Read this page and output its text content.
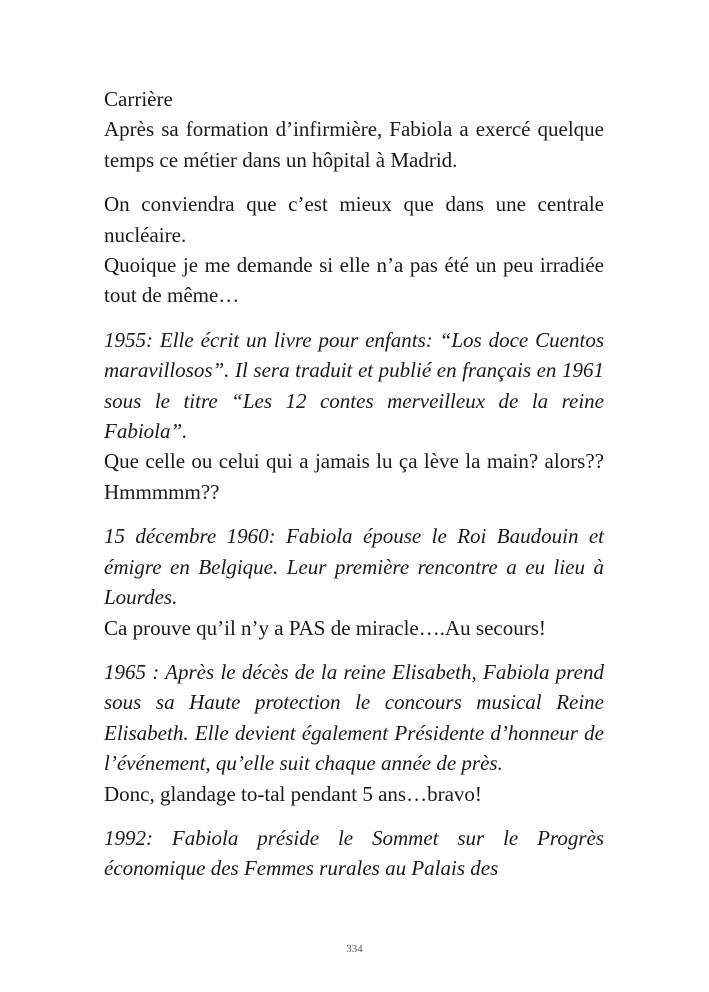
Carrière
Après sa formation d’infirmière, Fabiola a exercé quelque temps ce métier dans un hôpital à Madrid.
On conviendra que c’est mieux que dans une centrale nucléaire.
Quoique je me demande si elle n’a pas été un peu irradiée tout de même…
1955: Elle écrit un livre pour enfants: “Los doce Cuentos maravillosos”. Il sera traduit et publié en français en 1961 sous le titre “Les 12 contes merveilleux de la reine Fabiola”.
Que celle ou celui qui a jamais lu ça lève la main? alors?? Hmmmmm??
15 décembre 1960: Fabiola épouse le Roi Baudouin et émigre en Belgique. Leur première rencontre a eu lieu à Lourdes.
Ca prouve qu’il n’y a PAS de miracle….Au secours!
1965 : Après le décès de la reine Elisabeth, Fabiola prend sous sa Haute protection le concours musical Reine Elisabeth. Elle devient également Présidente d’honneur de l’événement, qu’elle suit chaque année de près.
Donc, glandage to-tal pendant 5 ans…bravo!
1992: Fabiola préside le Sommet sur le Progrès économique des Femmes rurales au Palais des
334
